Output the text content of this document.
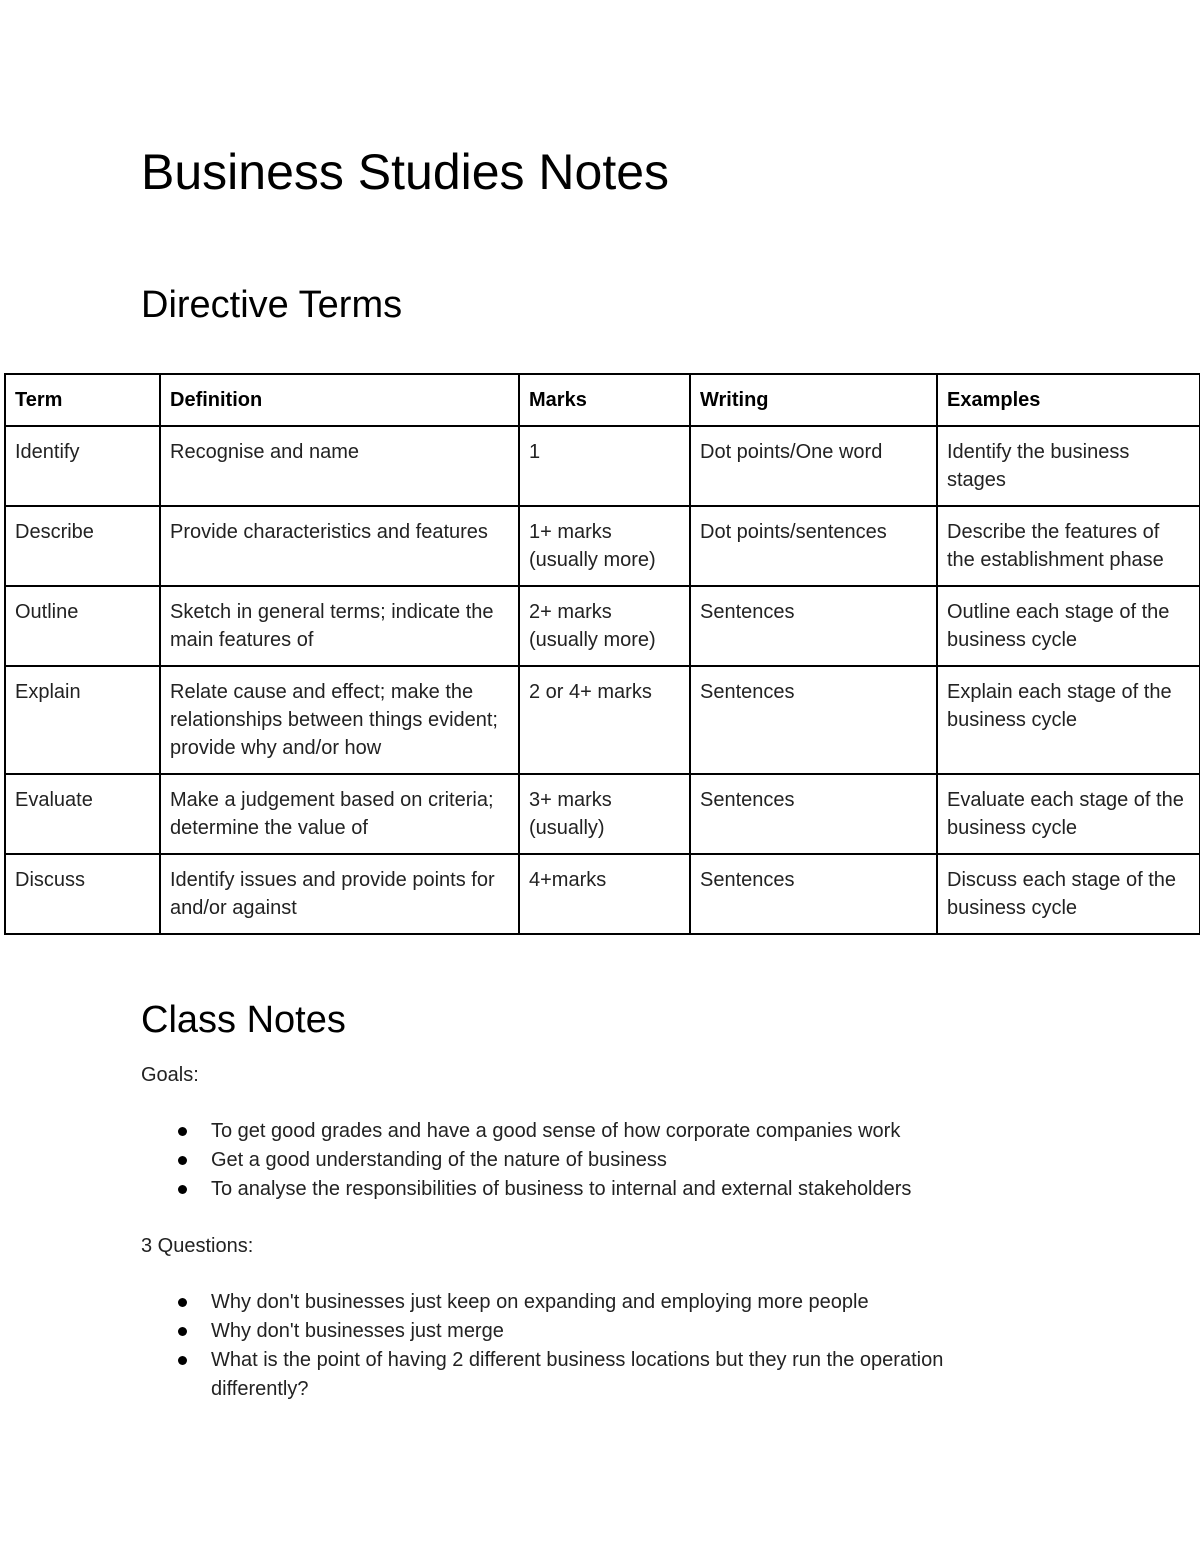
Business Studies Notes
Directive Terms
Term	Definition	Marks	Writing	Examples
Identify	Recognise and name	1	Dot points/One word	Identify the business stages
Describe	Provide characteristics and features	1+ marks (usually more)	Dot points/sentences	Describe the features of the establishment phase
Outline	Sketch in general terms; indicate the main features of	2+ marks (usually more)	Sentences	Outline each stage of the business cycle
Explain	Relate cause and effect; make the relationships between things evident; provide why and/or how	2 or 4+ marks	Sentences	Explain each stage of the business cycle
Evaluate	Make a judgement based on criteria; determine the value of	3+ marks (usually)	Sentences	Evaluate each stage of the business cycle
Discuss	Identify issues and provide points for and/or against	4+marks	Sentences	Discuss each stage of the business cycle
Class Notes

Goals:

To get good grades and have a good sense of how corporate companies work
Get a good understanding of the nature of business
To analyse the responsibilities of business to internal and external stakeholders

3 Questions:

Why don't businesses just keep on expanding and employing more people
Why don't businesses just merge
What is the point of having 2 different business locations but they run the operation differently?
